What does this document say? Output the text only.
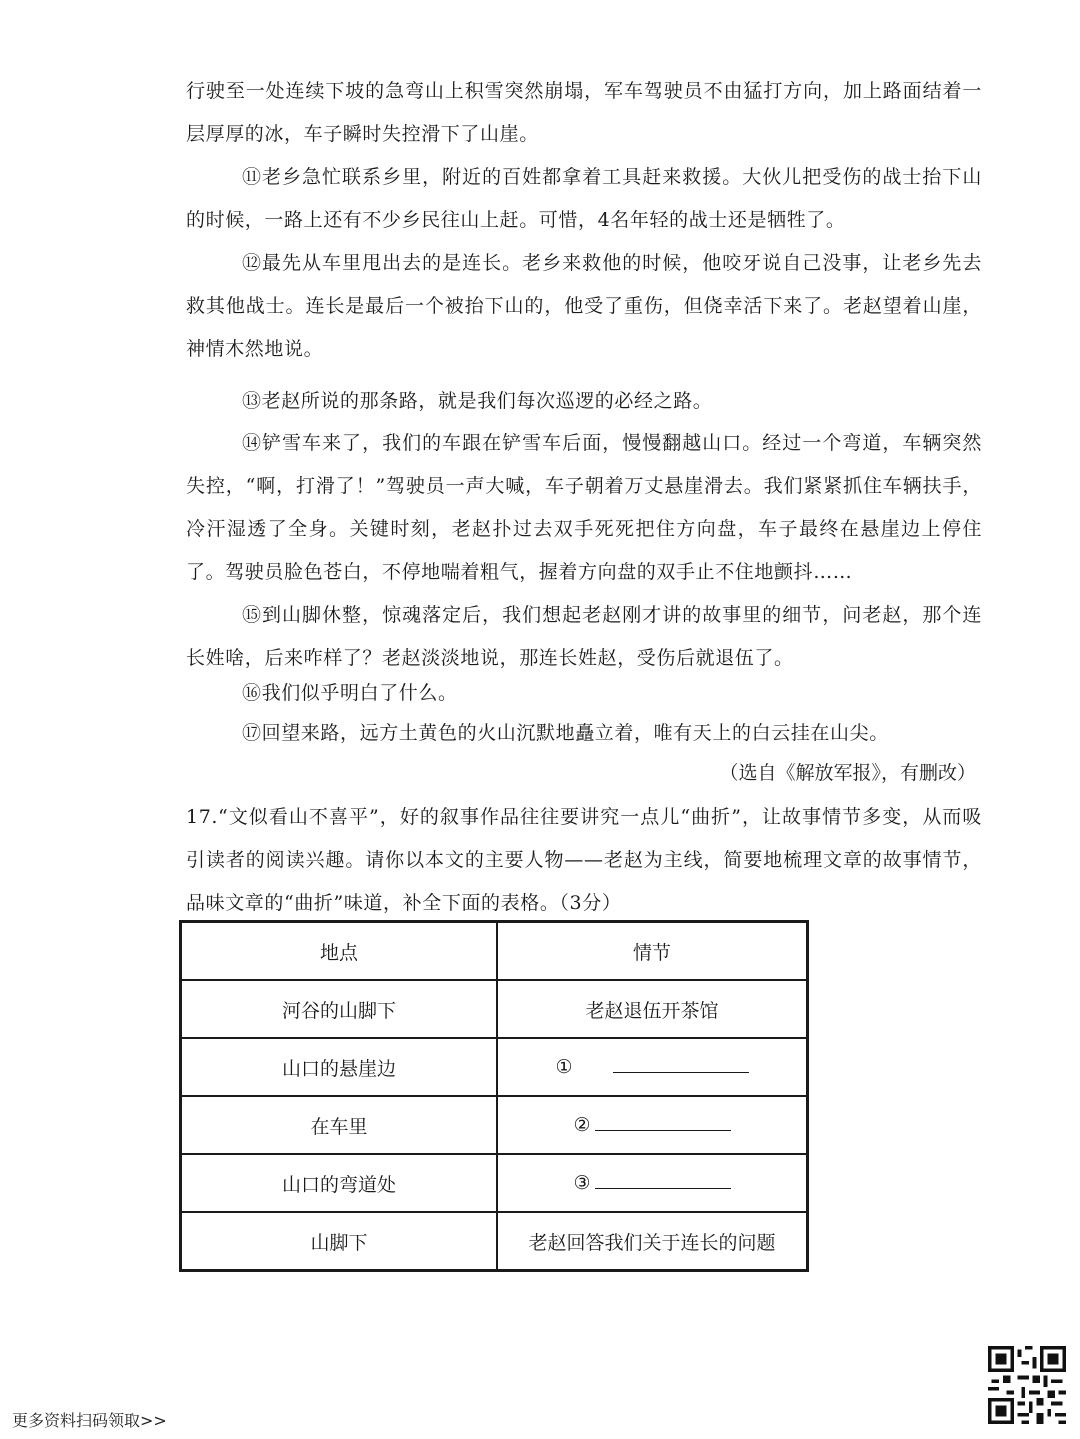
行驶至一处连续下坡的急弯山上积雪突然崩塌，军车驾驶员不由猛打方向，加上路面结着一层厚厚的冰，车子瞬时失控滑下了山崖。

⑪老乡急忙联系乡里，附近的百姓都拿着工具赶来救援。大伙儿把受伤的战士抬下山的时候，一路上还有不少乡民往山上赶。可惜，4名年轻的战士还是牺牲了。

⑫最先从车里甩出去的是连长。老乡来救他的时候，他咬牙说自己没事，让老乡先去救其他战士。连长是最后一个被抬下山的，他受了重伤，但侥幸活下来了。老赵望着山崖，神情木然地说。

⑬老赵所说的那条路，就是我们每次巡逻的必经之路。

⑭铲雪车来了，我们的车跟在铲雪车后面，慢慢翻越山口。经过一个弯道，车辆突然失控，“啊，打滑了！”驾驶员一声大喊，车子朝着万丈悬崖滑去。我们紧紧抓住车辆扶手，冷汗湿透了全身。关键时刻，老赵扑过去双手死死把住方向盘，车子最终在悬崖边上停住了。驾驶员脸色苍白，不停地喘着粗气，握着方向盘的双手止不住地颤抖……

⑮到山脚休整，惊魂落定后，我们想起老赵刚才讲的故事里的细节，问老赵，那个连长姓啥，后来咋样了？老赵淡淡地说，那连长姓赵，受伤后就退伍了。

⑯我们似乎明白了什么。

⑰回望来路，远方土黄色的火山沉默地矗立着，唯有天上的白云挂在山尖。

（选自《解放军报》，有删改）

17.“文似看山不喜平”，好的叙事作品往往要讲究一点儿“曲折”，让故事情节多变，从而吸引读者的阅读兴趣。请你以本文的主要人物——老赵为主线，简要地梳理文章的故事情节，品味文章的“曲折”味道，补全下面的表格。（3分）

地点	情节
河谷的山脚下	老赵退伍开茶馆
山口的悬崖边	①
在车里	②
山口的弯道处	③
山脚下	老赵回答我们关于连长的问题
更多资料扫码领取>>
